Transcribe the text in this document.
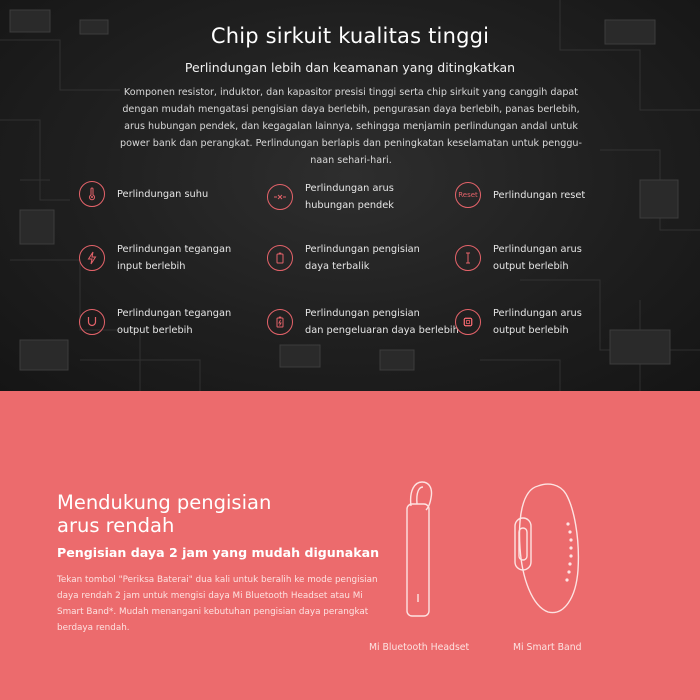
Chip sirkuit kualitas tinggi
Perlindungan lebih dan keamanan yang ditingkatkan

Komponen resistor, induktor, dan kapasitor presisi tinggi serta chip sirkuit yang canggih dapat dengan mudah mengatasi pengisian daya berlebih, pengurasan daya berlebih, panas berlebih, arus hubungan pendek, dan kegagalan lainnya, sehingga menjamin perlindungan andal untuk power bank dan perangkat. Perlindungan berlapis dan peningkatan keselamatan untuk penggu-naan sehari-hari.

Perlindungan suhu	Perlindungan arus
hubungan pendek
Reset Perlindungan reset
Perlindungan tegangan
input berlebih
Perlindungan pengisian
daya terbalik
Perlindungan arus
output berlebih
Perlindungan tegangan
output berlebih
Perlindungan pengisian
dan pengeluaran daya berlebih
Perlindungan arus
output berlebih
Mendukung pengisian
arus rendah
Pengisian daya 2 jam yang mudah digunakan

Tekan tombol "Periksa Baterai" dua kali untuk beralih ke mode pengisian daya rendah 2 jam untuk mengisi daya Mi Bluetooth Headset atau Mi Smart Band*. Mudah menangani kebutuhan pengisian daya perangkat berdaya rendah.

Mi Bluetooth Headset	Mi Smart Band
